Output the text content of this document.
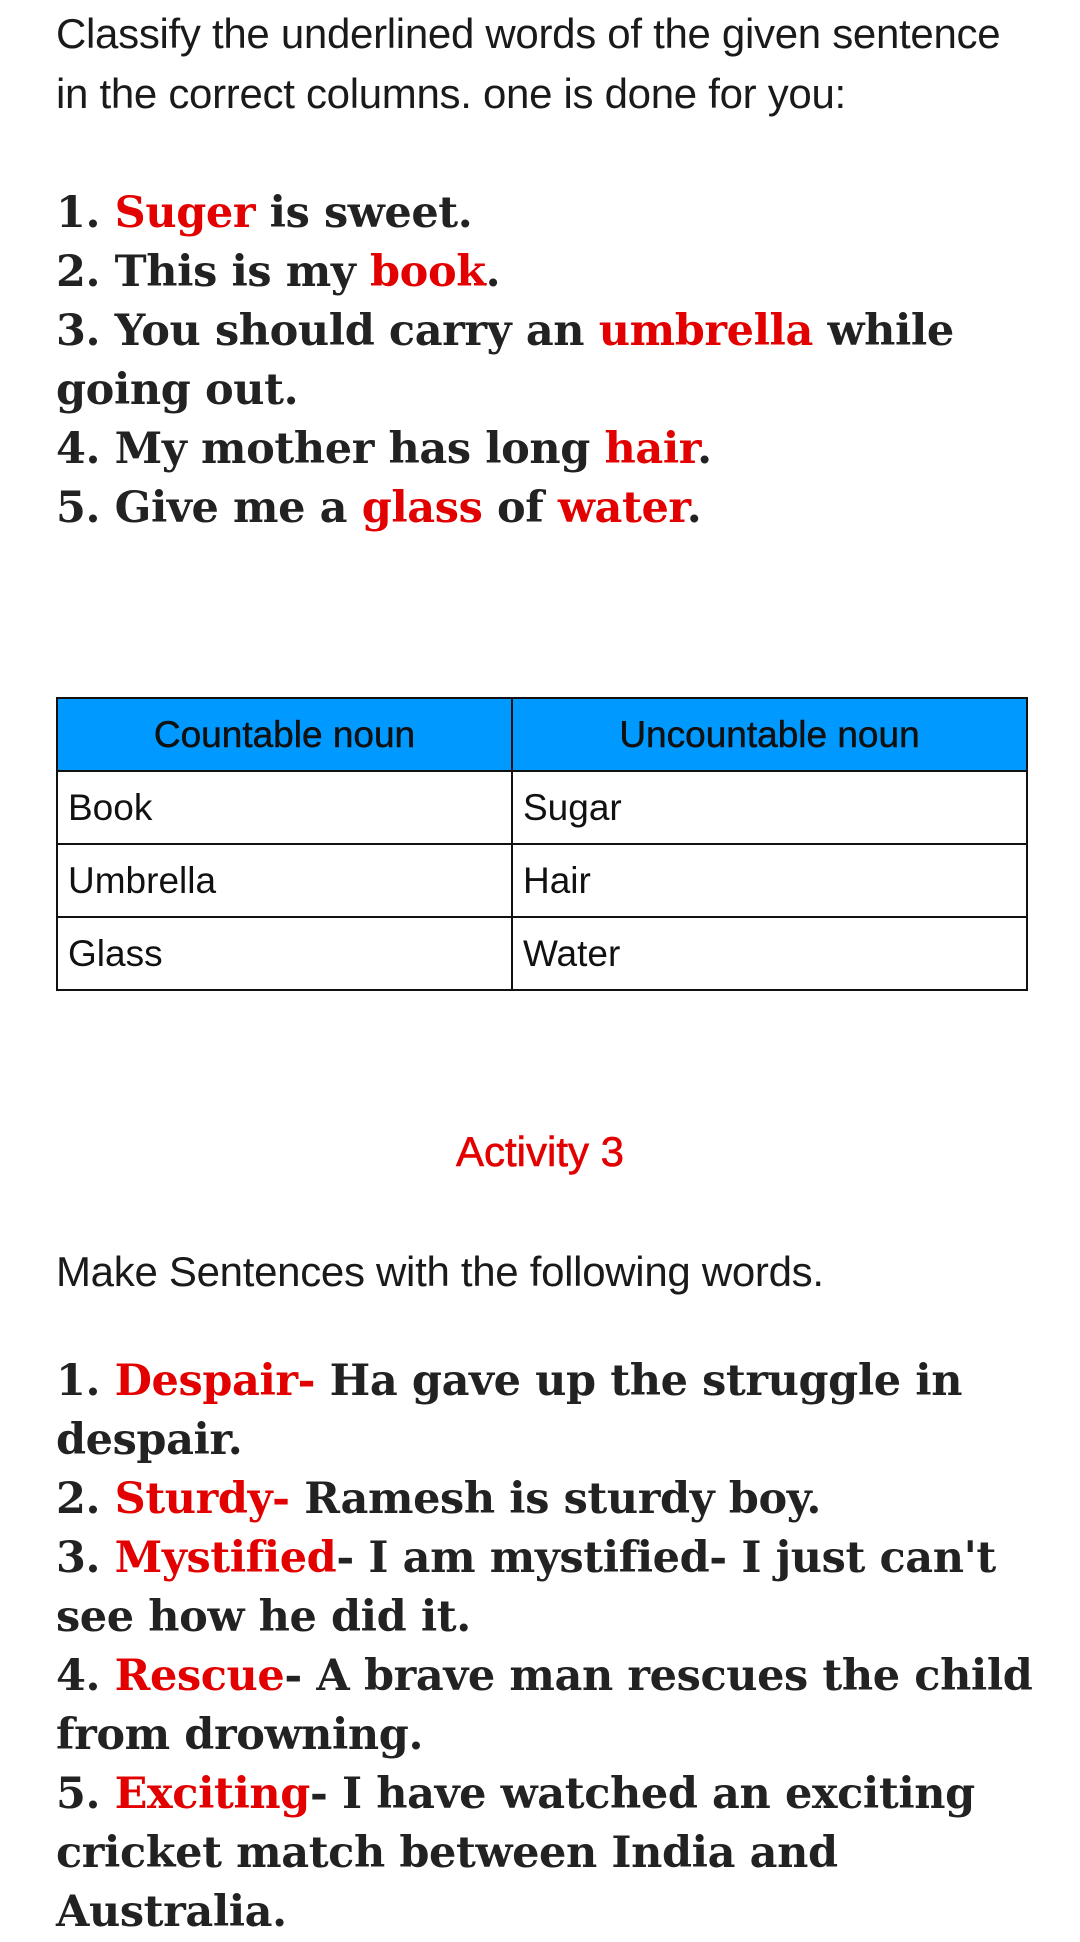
Classify the underlined words of the given sentence in the correct columns. one is done for you:

1. Suger is sweet.
2. This is my book.
3. You should carry an umbrella while going out.
4. My mother has long hair.
5. Give me a glass of water.
Countable noun	Uncountable noun
Book	Sugar
Umbrella	Hair
Glass	Water
Activity 3

Make Sentences with the following words.

1. Despair- Ha gave up the struggle in despair.
2. Sturdy- Ramesh is sturdy boy.
3. Mystified- I am mystified- I just can't see how he did it.
4. Rescue- A brave man rescues the child from drowning.
5. Exciting- I have watched an exciting cricket match between India and Australia.
